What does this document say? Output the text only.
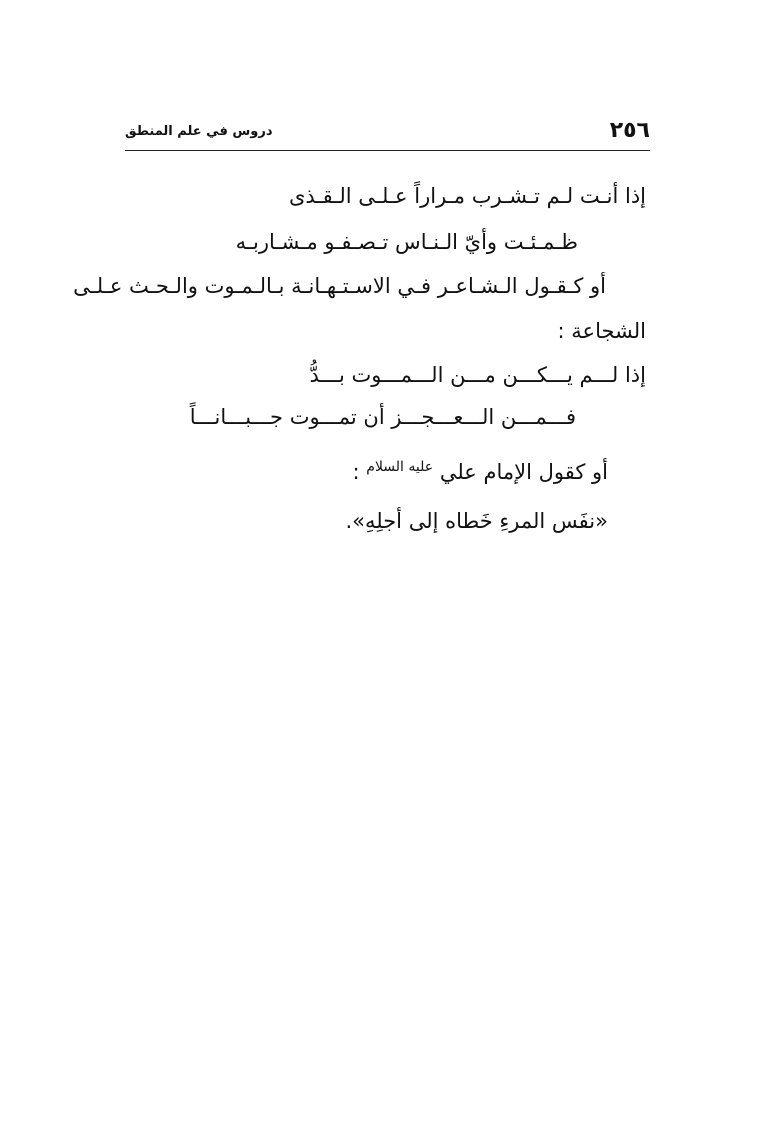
٢٥٦
دروس في علم المنطق
إذا أنـت لـم تـشـرب مـراراً عـلـى الـقـذى
ظـمـئـت وأيّ الـنـاس تـصـفـو مـشـاربـه
أو كـقـول الـشـاعـر فـي الاسـتـهـانـة بـالـمـوت والـحـث عـلـى
الشجاعة :
إذا لـــم يـــكـــن مـــن الـــمـــوت بـــدُّ
فـــمـــن الـــعـــجـــز أن تمـــوت جـــبـــانـــاً
أو كقول الإمام علي $^{عليه السلام}$ :
«نفَس المرءِ خَطاه إلى أجلِهِ».
